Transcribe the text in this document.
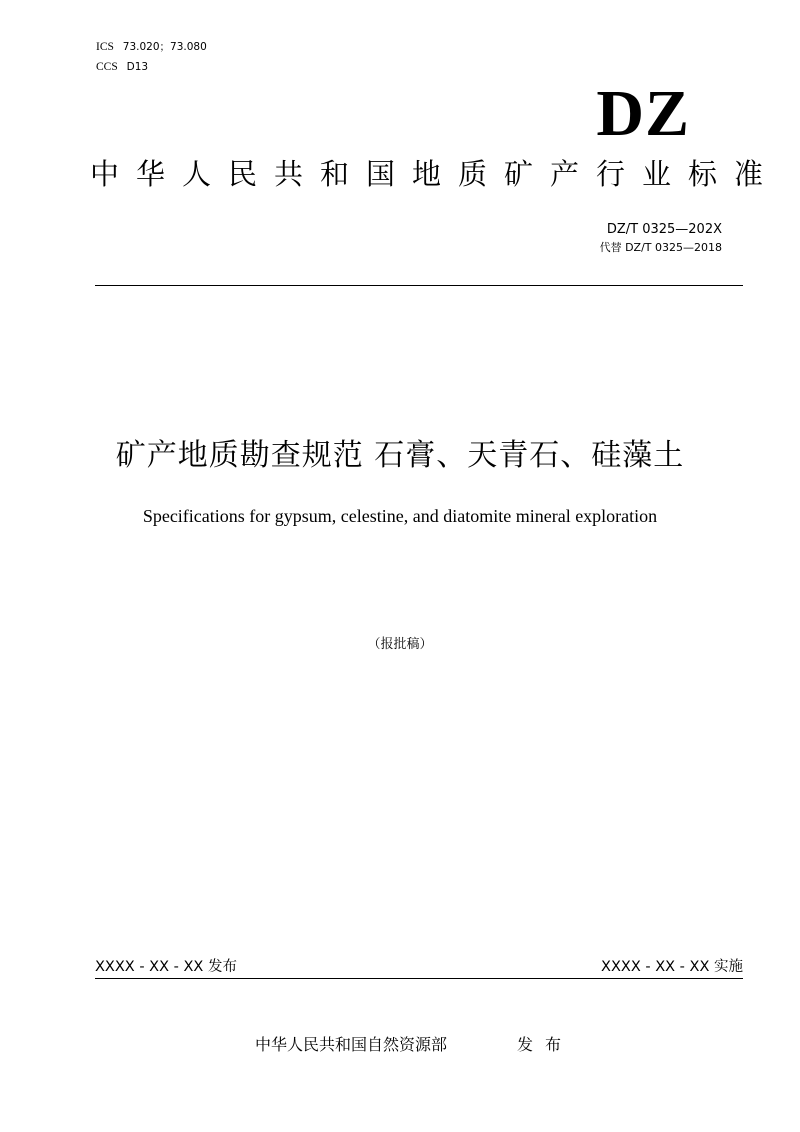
ICS 73.020；73.080
CCS D13
DZ
中华人民共和国地质矿产行业标准
DZ/T 0325—202X
代替 DZ/T 0325—2018
矿产地质勘查规范 石膏、天青石、硅藻土
Specifications for gypsum, celestine, and diatomite mineral exploration
（报批稿）
XXXX - XX - XX 发布	XXXX - XX - XX 实施
中华人民共和国自然资源部	发布
